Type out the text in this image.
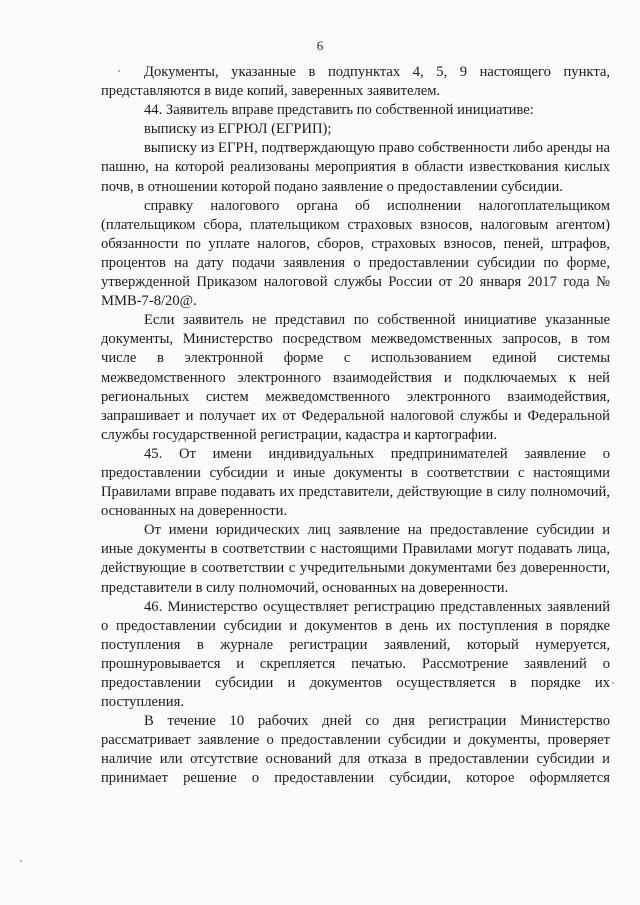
6

Документы, указанные в подпунктах 4, 5, 9 настоящего пункта, представляются в виде копий, заверенных заявителем.

44. Заявитель вправе представить по собственной инициативе:

выписку из ЕГРЮЛ (ЕГРИП);

выписку из ЕГРН, подтверждающую право собственности либо аренды на пашню, на которой реализованы мероприятия в области известкования кислых почв, в отношении которой подано заявление о предоставлении субсидии.

справку налогового органа об исполнении налогоплательщиком (плательщиком сбора, плательщиком страховых взносов, налоговым агентом) обязанности по уплате налогов, сборов, страховых взносов, пеней, штрафов, процентов на дату подачи заявления о предоставлении субсидии по форме, утвержденной Приказом налоговой службы России от 20 января 2017 года № ММВ-7-8/20@.

Если заявитель не представил по собственной инициативе указанные документы, Министерство посредством межведомственных запросов, в том числе в электронной форме с использованием единой системы межведомственного электронного взаимодействия и подключаемых к ней региональных систем межведомственного электронного взаимодействия, запрашивает и получает их от Федеральной налоговой службы и Федеральной службы государственной регистрации, кадастра и картографии.

45. От имени индивидуальных предпринимателей заявление о предоставлении субсидии и иные документы в соответствии с настоящими Правилами вправе подавать их представители, действующие в силу полномочий, основанных на доверенности.

От имени юридических лиц заявление на предоставление субсидии и иные документы в соответствии с настоящими Правилами могут подавать лица, действующие в соответствии с учредительными документами без доверенности, представители в силу полномочий, основанных на доверенности.

46. Министерство осуществляет регистрацию представленных заявлений о предоставлении субсидии и документов в день их поступления в порядке поступления в журнале регистрации заявлений, который нумеруется, прошнуровывается и скрепляется печатью. Рассмотрение заявлений о предоставлении субсидии и документов осуществляется в порядке их поступления.

В течение 10 рабочих дней со дня регистрации Министерство рассматривает заявление о предоставлении субсидии и документы, проверяет наличие или отсутствие оснований для отказа в предоставлении субсидии и принимает решение о предоставлении субсидии, которое оформляется
